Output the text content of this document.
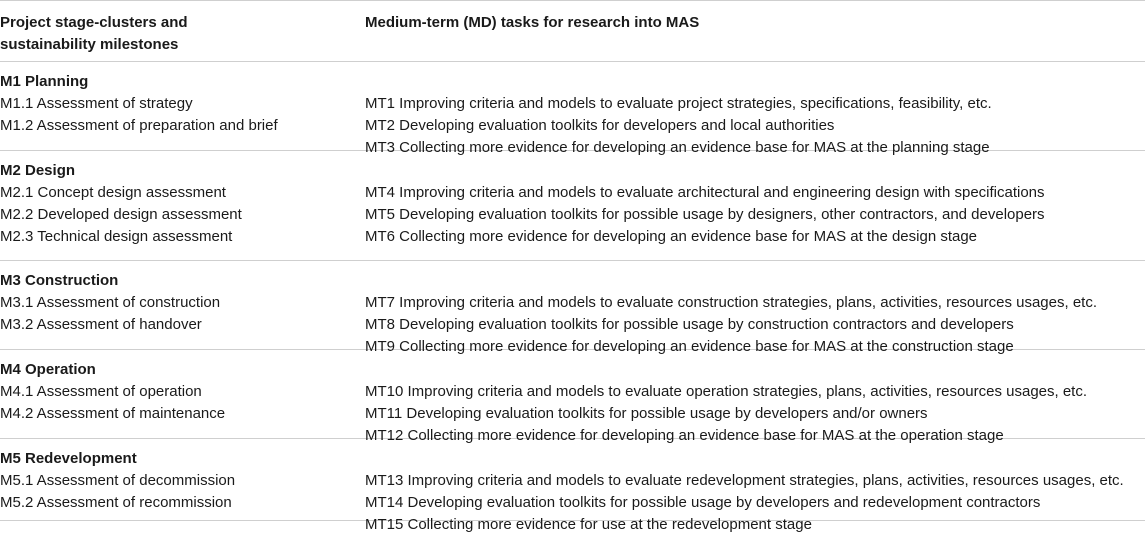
Project stage-clusters and
sustainability milestones
Medium-term (MD) tasks for research into MAS
M1 Planning
M1.1 Assessment of strategy
M1.2 Assessment of preparation and brief
MT1 Improving criteria and models to evaluate project strategies, specifications, feasibility, etc.
MT2 Developing evaluation toolkits for developers and local authorities
MT3 Collecting more evidence for developing an evidence base for MAS at the planning stage
M2 Design
M2.1 Concept design assessment
M2.2 Developed design assessment
M2.3 Technical design assessment
MT4 Improving criteria and models to evaluate architectural and engineering design with specifications
MT5 Developing evaluation toolkits for possible usage by designers, other contractors, and developers
MT6 Collecting more evidence for developing an evidence base for MAS at the design stage
M3 Construction
M3.1 Assessment of construction
M3.2 Assessment of handover
MT7 Improving criteria and models to evaluate construction strategies, plans, activities, resources usages, etc.
MT8 Developing evaluation toolkits for possible usage by construction contractors and developers
MT9 Collecting more evidence for developing an evidence base for MAS at the construction stage
M4 Operation
M4.1 Assessment of operation
M4.2 Assessment of maintenance
MT10 Improving criteria and models to evaluate operation strategies, plans, activities, resources usages, etc.
MT11 Developing evaluation toolkits for possible usage by developers and/or owners
MT12 Collecting more evidence for developing an evidence base for MAS at the operation stage
M5 Redevelopment
M5.1 Assessment of decommission
M5.2 Assessment of recommission
MT13 Improving criteria and models to evaluate redevelopment strategies, plans, activities, resources usages, etc.
MT14 Developing evaluation toolkits for possible usage by developers and redevelopment contractors
MT15 Collecting more evidence for use at the redevelopment stage
